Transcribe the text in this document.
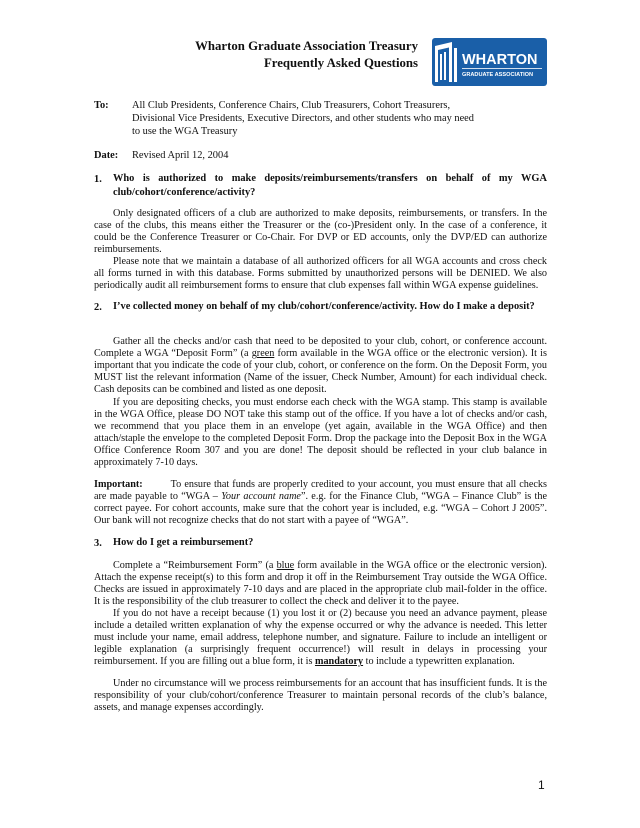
Wharton Graduate Association Treasury
Frequently Asked Questions	WHARTON
GRADUATE ASSOCIATION
To: All Club Presidents, Conference Chairs, Club Treasurers, Cohort Treasurers,
Divisional Vice Presidents, Executive Directors, and other students who may need
to use the WGA Treasury
Date: Revised April 12, 2004
1. Who is authorized to make deposits/reimbursements/transfers on behalf of my WGA club/cohort/conference/activity?
Only designated officers of a club are authorized to make deposits, reimbursements, or transfers. In the case of the clubs, this means either the Treasurer or the (co-)President only. In the case of a conference, it could be the Conference Treasurer or Co-Chair. For DVP or ED accounts, only the DVP/ED can authorize reimbursements.
Please note that we maintain a database of all authorized officers for all WGA accounts and cross check all forms turned in with this database. Forms submitted by unauthorized persons will be DENIED. We also periodically audit all reimbursement forms to ensure that club expenses fall within WGA expense guidelines.
2. I’ve collected money on behalf of my club/cohort/conference/activity. How do I make a deposit?
Gather all the checks and/or cash that need to be deposited to your club, cohort, or conference account. Complete a WGA “Deposit Form” (a green form available in the WGA office or the electronic version). It is important that you indicate the code of your club, cohort, or conference on the form. On the Deposit Form, you MUST list the relevant information (Name of the issuer, Check Number, Amount) for each individual check. Cash deposits can be combined and listed as one deposit.
If you are depositing checks, you must endorse each check with the WGA stamp. This stamp is available in the WGA Office, please DO NOT take this stamp out of the office. If you have a lot of checks and/or cash, we recommend that you place them in an envelope (yet again, available in the WGA Office) and then attach/staple the envelope to the completed Deposit Form. Drop the package into the Deposit Box in the WGA Office Conference Room 307 and you are done! The deposit should be reflected in your club balance in approximately 7-10 days.
Important:	To ensure that funds are properly credited to your account, you must ensure that all checks are made payable to “WGA – Your account name”. e.g. for the Finance Club, “WGA – Finance Club” is the correct payee. For cohort accounts, make sure that the cohort year is included, e.g. “WGA – Cohort J 2005”. Our bank will not recognize checks that do not start with a payee of “WGA”.
3. How do I get a reimbursement?
Complete a “Reimbursement Form” (a blue form available in the WGA office or the electronic version). Attach the expense receipt(s) to this form and drop it off in the Reimbursement Tray outside the WGA Office. Checks are issued in approximately 7-10 days and are placed in the appropriate club mail-folder in the office. It is the responsibility of the club treasurer to collect the check and deliver it to the payee.
If you do not have a receipt because (1) you lost it or (2) because you need an advance payment, please include a detailed written explanation of why the expense occurred or why the advance is needed. This letter must include your name, email address, telephone number, and signature. Failure to include an intelligent or legible explanation (a surprisingly frequent occurrence!) will result in delays in processing your reimbursement. If you are filling out a blue form, it is mandatory to include a typewritten explanation.
Under no circumstance will we process reimbursements for an account that has insufficient funds. It is the responsibility of your club/cohort/conference Treasurer to maintain personal records of the club’s balance, assets, and manage expenses accordingly.
1
